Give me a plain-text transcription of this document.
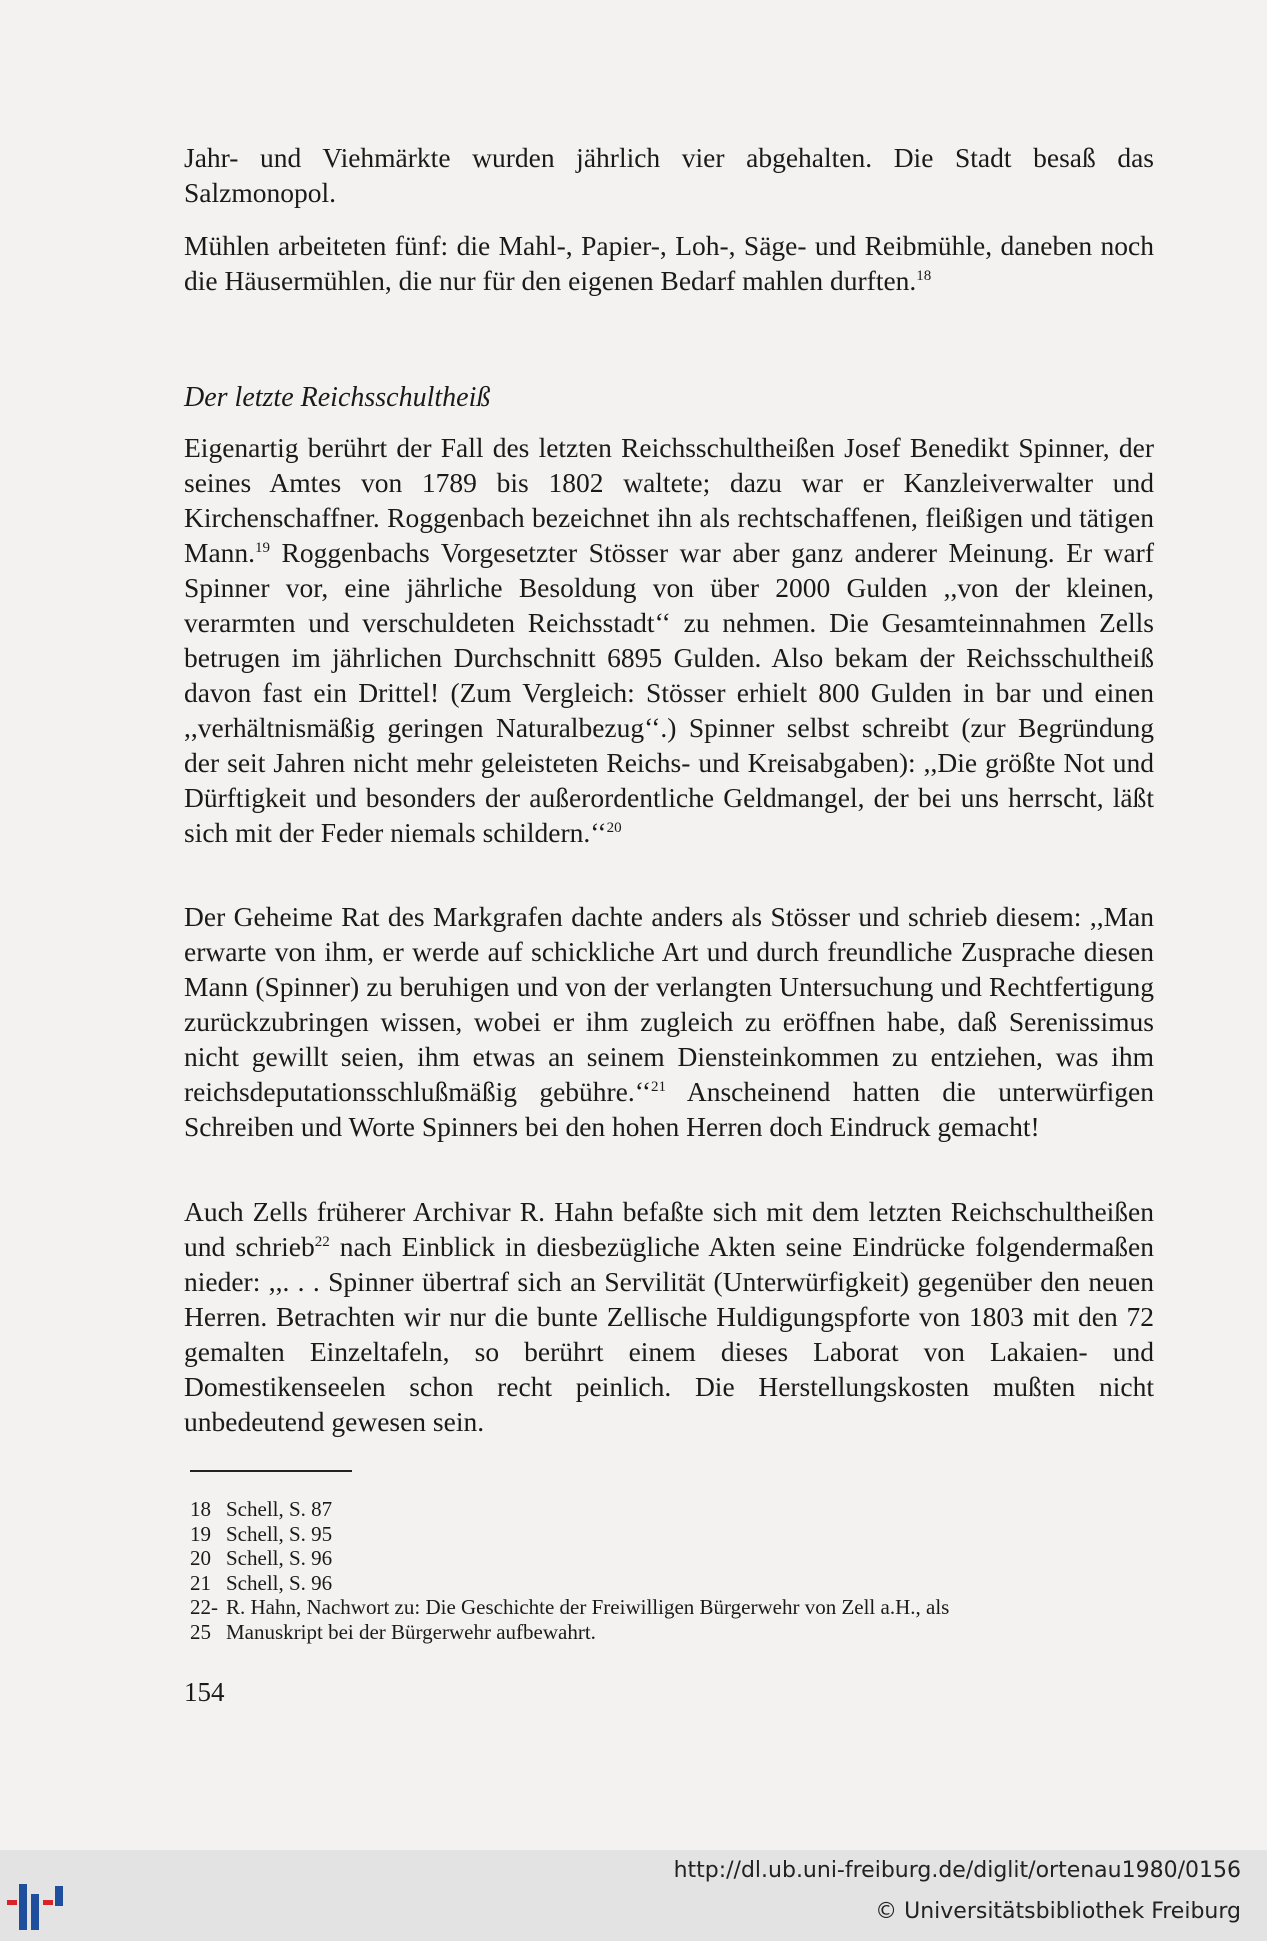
Jahr- und Viehmärkte wurden jährlich vier abgehalten. Die Stadt besaß das Salzmonopol.

Mühlen arbeiteten fünf: die Mahl-, Papier-, Loh-, Säge- und Reibmühle, daneben noch die Häusermühlen, die nur für den eigenen Bedarf mahlen durften.$^{18}$

Der letzte Reichsschultheiß

Eigenartig berührt der Fall des letzten Reichsschultheißen Josef Benedikt Spinner, der seines Amtes von 1789 bis 1802 waltete; dazu war er Kanzleiverwalter und Kirchenschaffner. Roggenbach bezeichnet ihn als rechtschaffenen, fleißigen und tätigen Mann.$^{19}$ Roggenbachs Vorgesetzter Stösser war aber ganz anderer Meinung. Er warf Spinner vor, eine jährliche Besoldung von über 2000 Gulden ,,von der kleinen, verarmten und verschuldeten Reichsstadt‘‘ zu nehmen. Die Gesamteinnahmen Zells betrugen im jährlichen Durchschnitt 6895 Gulden. Also bekam der Reichsschultheiß davon fast ein Drittel! (Zum Vergleich: Stösser erhielt 800 Gulden in bar und einen ,,verhältnismäßig geringen Naturalbezug‘‘.) Spinner selbst schreibt (zur Begründung der seit Jahren nicht mehr geleisteten Reichs- und Kreisabgaben): ,,Die größte Not und Dürftigkeit und besonders der außerordentliche Geldmangel, der bei uns herrscht, läßt sich mit der Feder niemals schildern.‘‘$^{20}$

Der Geheime Rat des Markgrafen dachte anders als Stösser und schrieb diesem: ,,Man erwarte von ihm, er werde auf schickliche Art und durch freundliche Zusprache diesen Mann (Spinner) zu beruhigen und von der verlangten Untersuchung und Rechtfertigung zurückzubringen wissen, wobei er ihm zugleich zu eröffnen habe, daß Serenissimus nicht gewillt seien, ihm etwas an seinem Diensteinkommen zu entziehen, was ihm reichsdeputationsschlußmäßig gebühre.‘‘$^{21}$ Anscheinend hatten die unterwürfigen Schreiben und Worte Spinners bei den hohen Herren doch Eindruck gemacht!

Auch Zells früherer Archivar R. Hahn befaßte sich mit dem letzten Reichschultheißen und schrieb$^{22}$ nach Einblick in diesbezügliche Akten seine Eindrücke folgendermaßen nieder: ,,. . . Spinner übertraf sich an Servilität (Unterwürfigkeit) gegenüber den neuen Herren. Betrachten wir nur die bunte Zellische Huldigungspforte von 1803 mit den 72 gemalten Einzeltafeln, so berührt einem dieses Laborat von Lakaien- und Domestikenseelen schon recht peinlich. Die Herstellungskosten mußten nicht unbedeutend gewesen sein.

18 Schell, S. 87
19 Schell, S. 95
20 Schell, S. 96
21 Schell, S. 96
22- R. Hahn, Nachwort zu: Die Geschichte der Freiwilligen Bürgerwehr von Zell a.H., als
25 Manuskript bei der Bürgerwehr aufbewahrt.
154
http://dl.ub.uni-freiburg.de/diglit/ortenau1980/0156
© Universitätsbibliothek Freiburg
